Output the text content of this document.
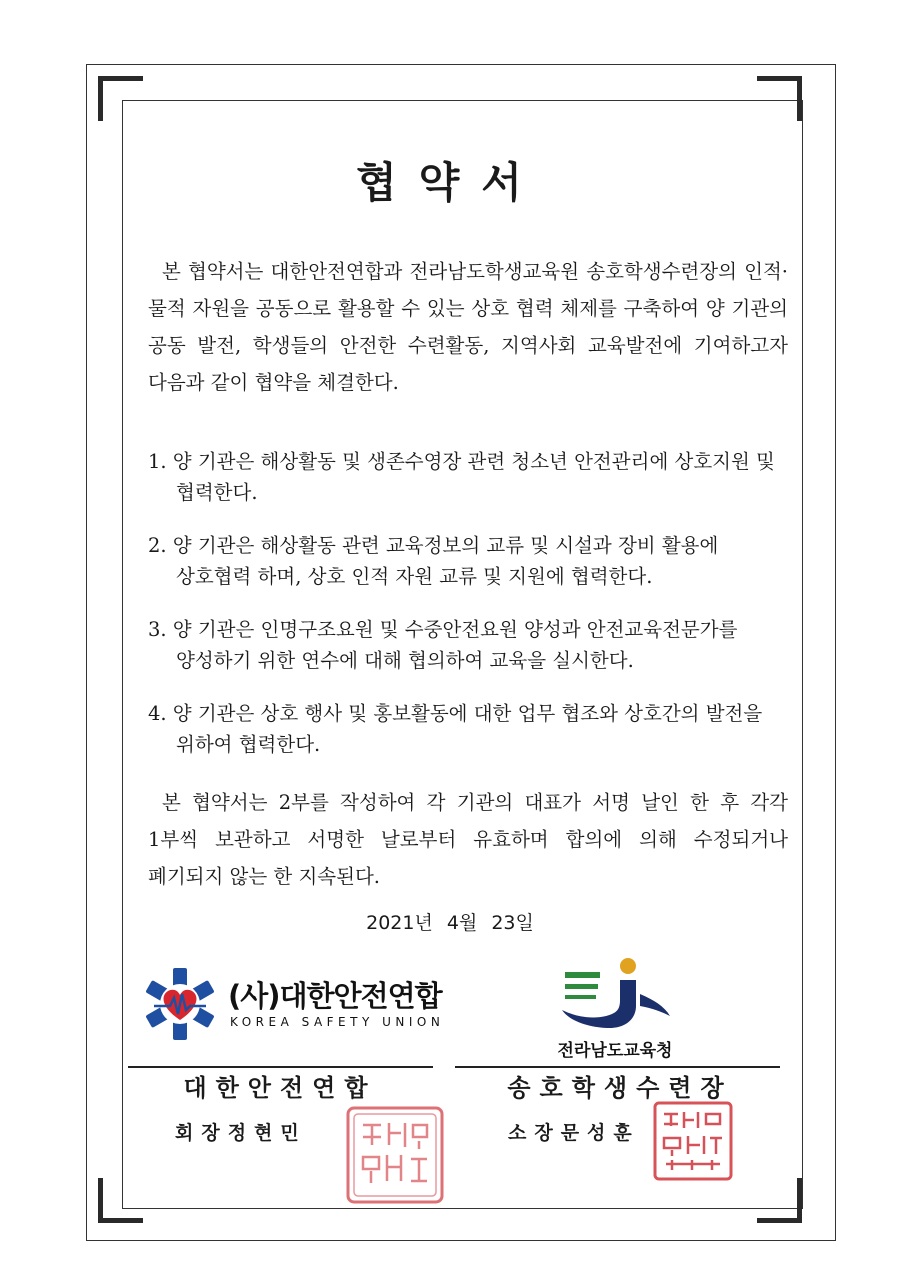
협약서
본 협약서는 대한안전연합과 전라남도학생교육원 송호학생수련장의 인적·물적 자원을 공동으로 활용할 수 있는 상호 협력 체제를 구축하여 양 기관의 공동 발전, 학생들의 안전한 수련활동, 지역사회 교육발전에 기여하고자 다음과 같이 협약을 체결한다.
1. 양 기관은 해상활동 및 생존수영장 관련 청소년 안전관리에 상호지원 및 협력한다.
2. 양 기관은 해상활동 관련 교육정보의 교류 및 시설과 장비 활용에 상호협력 하며, 상호 인적 자원 교류 및 지원에 협력한다.
3. 양 기관은 인명구조요원 및 수중안전요원 양성과 안전교육전문가를 양성하기 위한 연수에 대해 협의하여 교육을 실시한다.
4. 양 기관은 상호 행사 및 홍보활동에 대한 업무 협조와 상호간의 발전을 위하여 협력한다.
본 협약서는 2부를 작성하여 각 기관의 대표가 서명 날인 한 후 각각 1부씩 보관하고 서명한 날로부터 유효하며 합의에 의해 수정되거나 폐기되지 않는 한 지속된다.
2021년 4월 23일
(사)대한안전연합
KOREA SAFETY UNION
전라남도교육청
대한안전연합	송호학생수련장
회장정현민	소장문성훈
